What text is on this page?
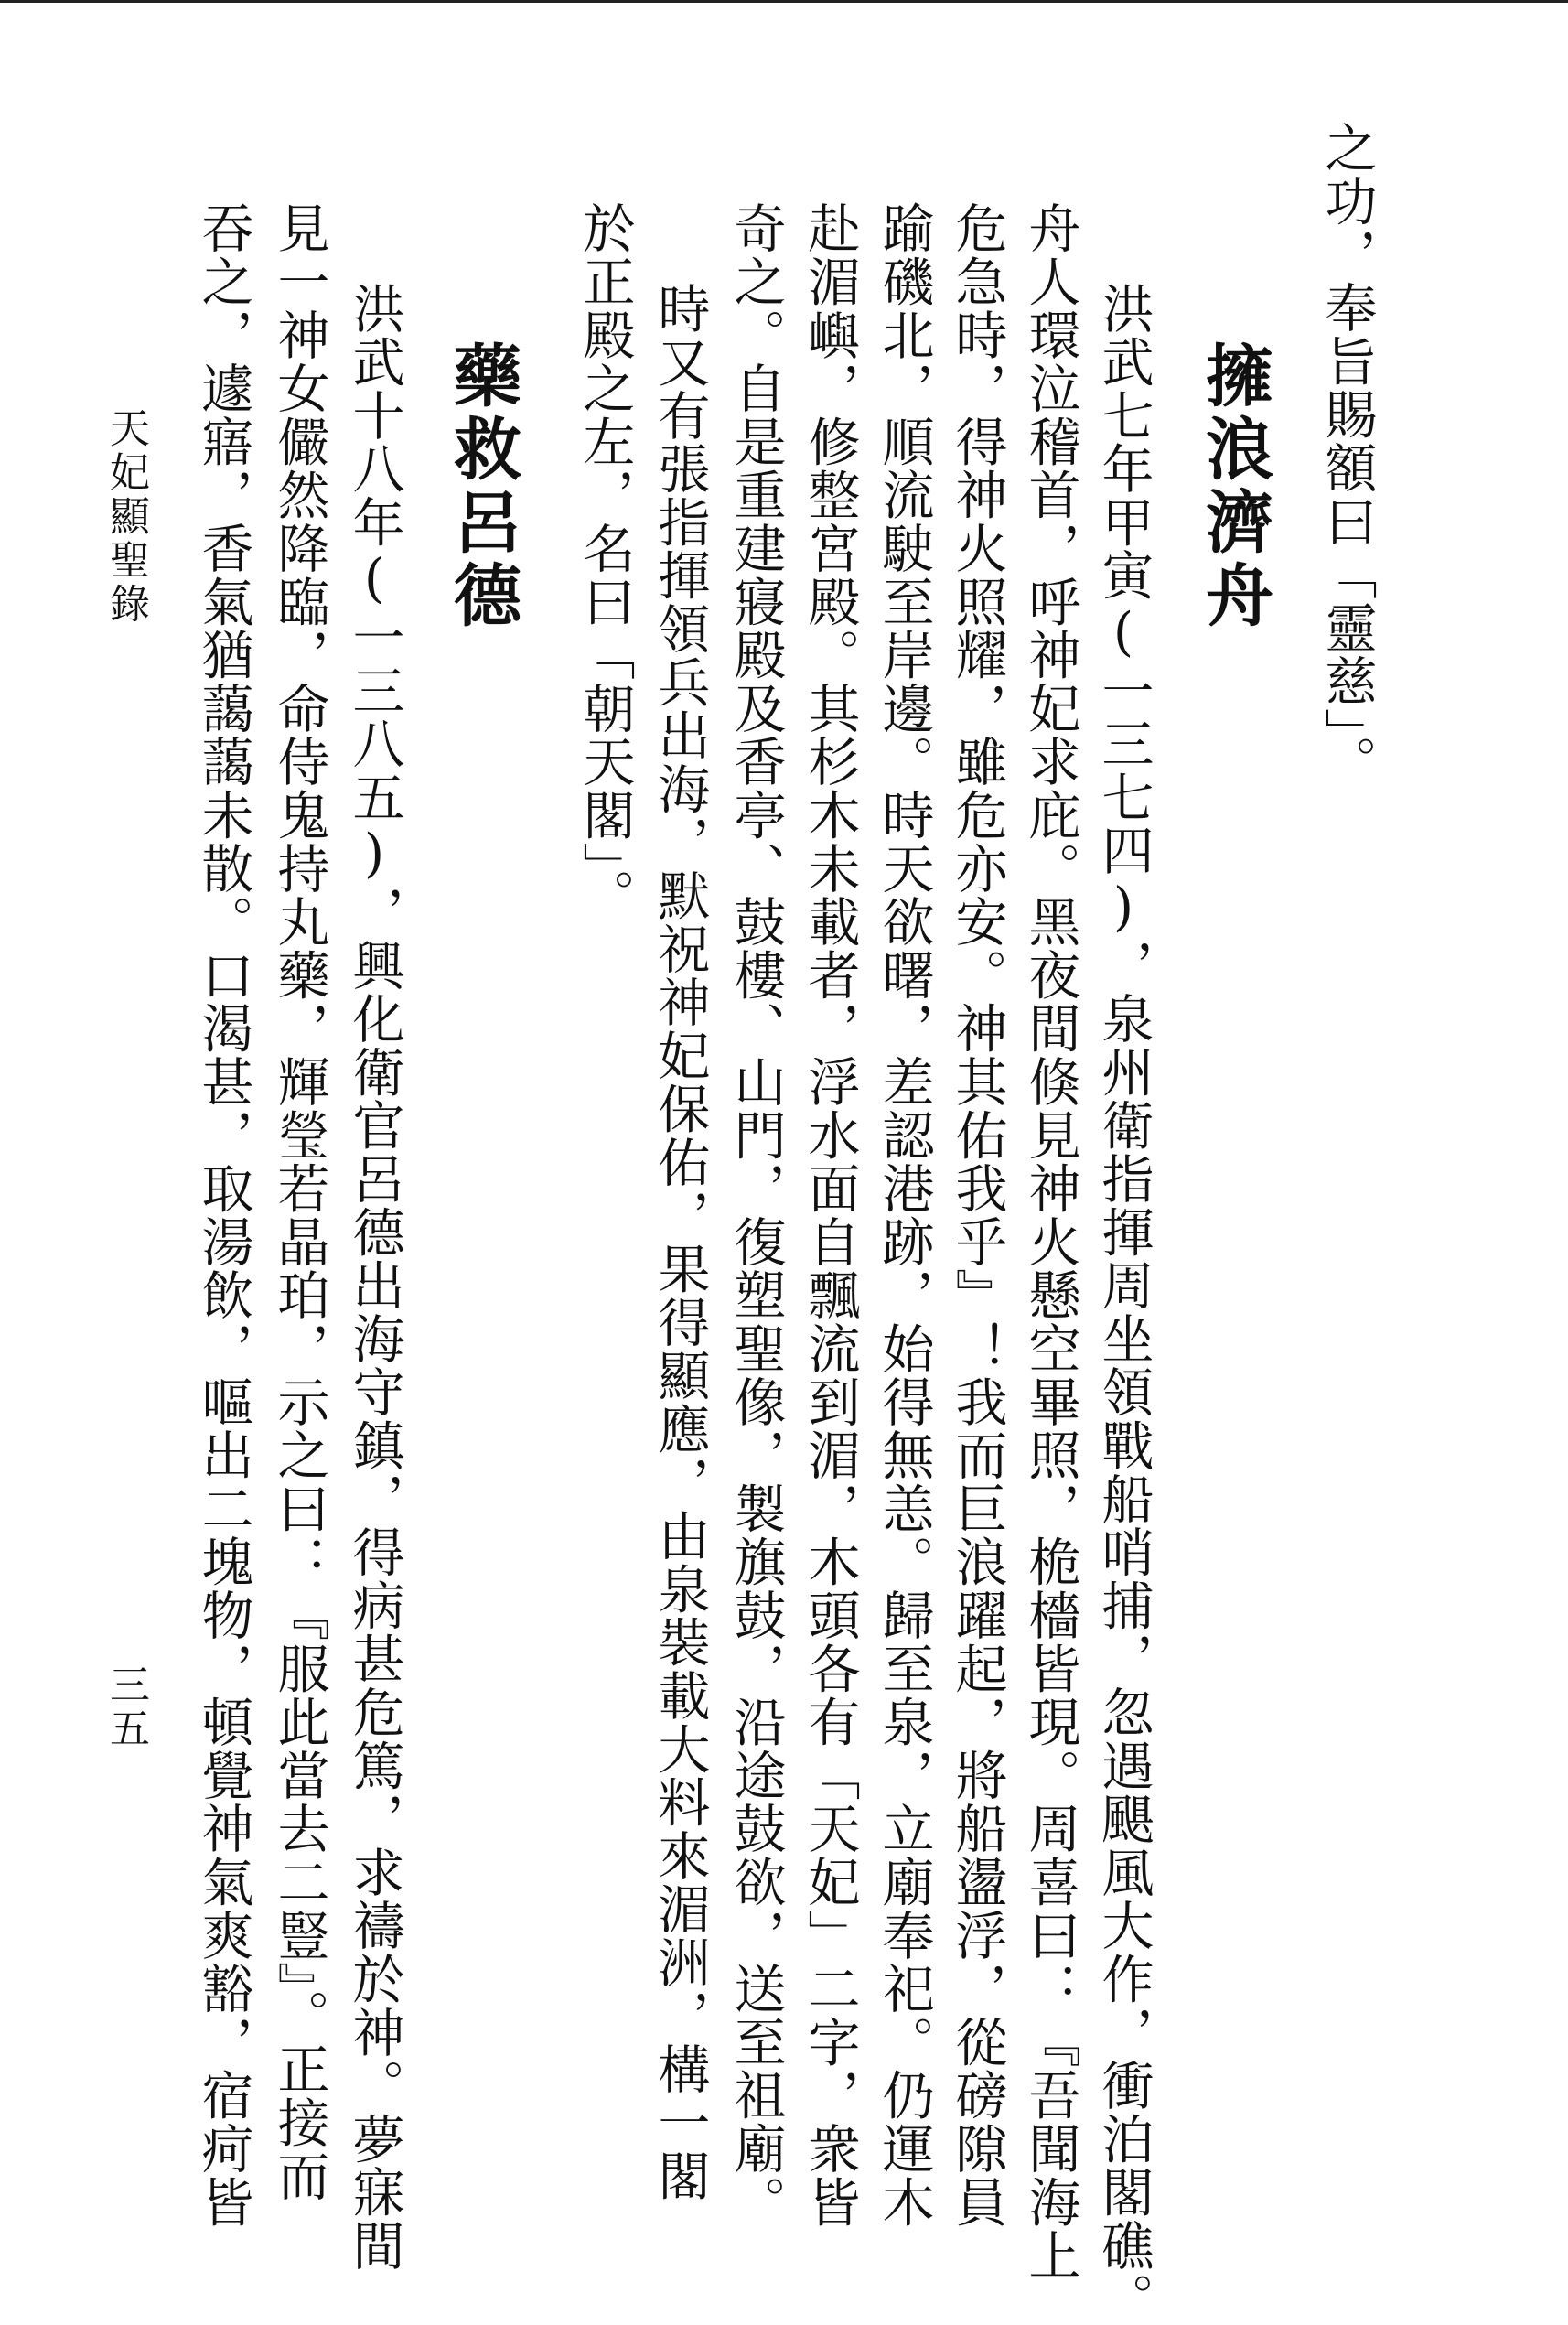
之功，奉旨賜額曰「靈慈」。
擁浪濟舟
洪武七年甲寅(一三七四)，泉州衛指揮周坐領戰船哨捕，忽遇颶風大作，衝泊閣礁。
舟人環泣稽首，呼神妃求庇。黑夜間倏見神火懸空畢照，桅檣皆現。周喜曰：『吾聞海上
危急時，得神火照耀，雖危亦安。神其佑我乎』！我而巨浪躍起，將船盪浮，從磅隙員
踰磯北，順流駛至岸邊。時天欲曙，差認港跡，始得無恙。歸至泉，立廟奉祀。仍運木
赴湄嶼，修整宮殿。其杉木未載者，浮水面自飄流到湄，木頭各有「天妃」二字，衆皆
奇之。自是重建寢殿及香亭、鼓樓、山門，復塑聖像，製旗鼓，沿途鼓欲，送至祖廟。
時又有張指揮領兵出海，默祝神妃保佑，果得顯應，由泉裝載大料來湄洲，構一閣
於正殿之左，名曰「朝天閣」。
藥救呂德
洪武十八年(一三八五)，興化衛官呂德出海守鎮，得病甚危篤，求禱於神。夢寐間
見一神女儼然降臨，命侍鬼持丸藥，輝瑩若晶珀，示之曰：『服此當去二豎』。正接而
吞之，遽寤，香氣猶藹藹未散。口渴甚，取湯飲，嘔出二塊物，頓覺神氣爽豁，宿疴皆
天妃顯聖錄
三五
